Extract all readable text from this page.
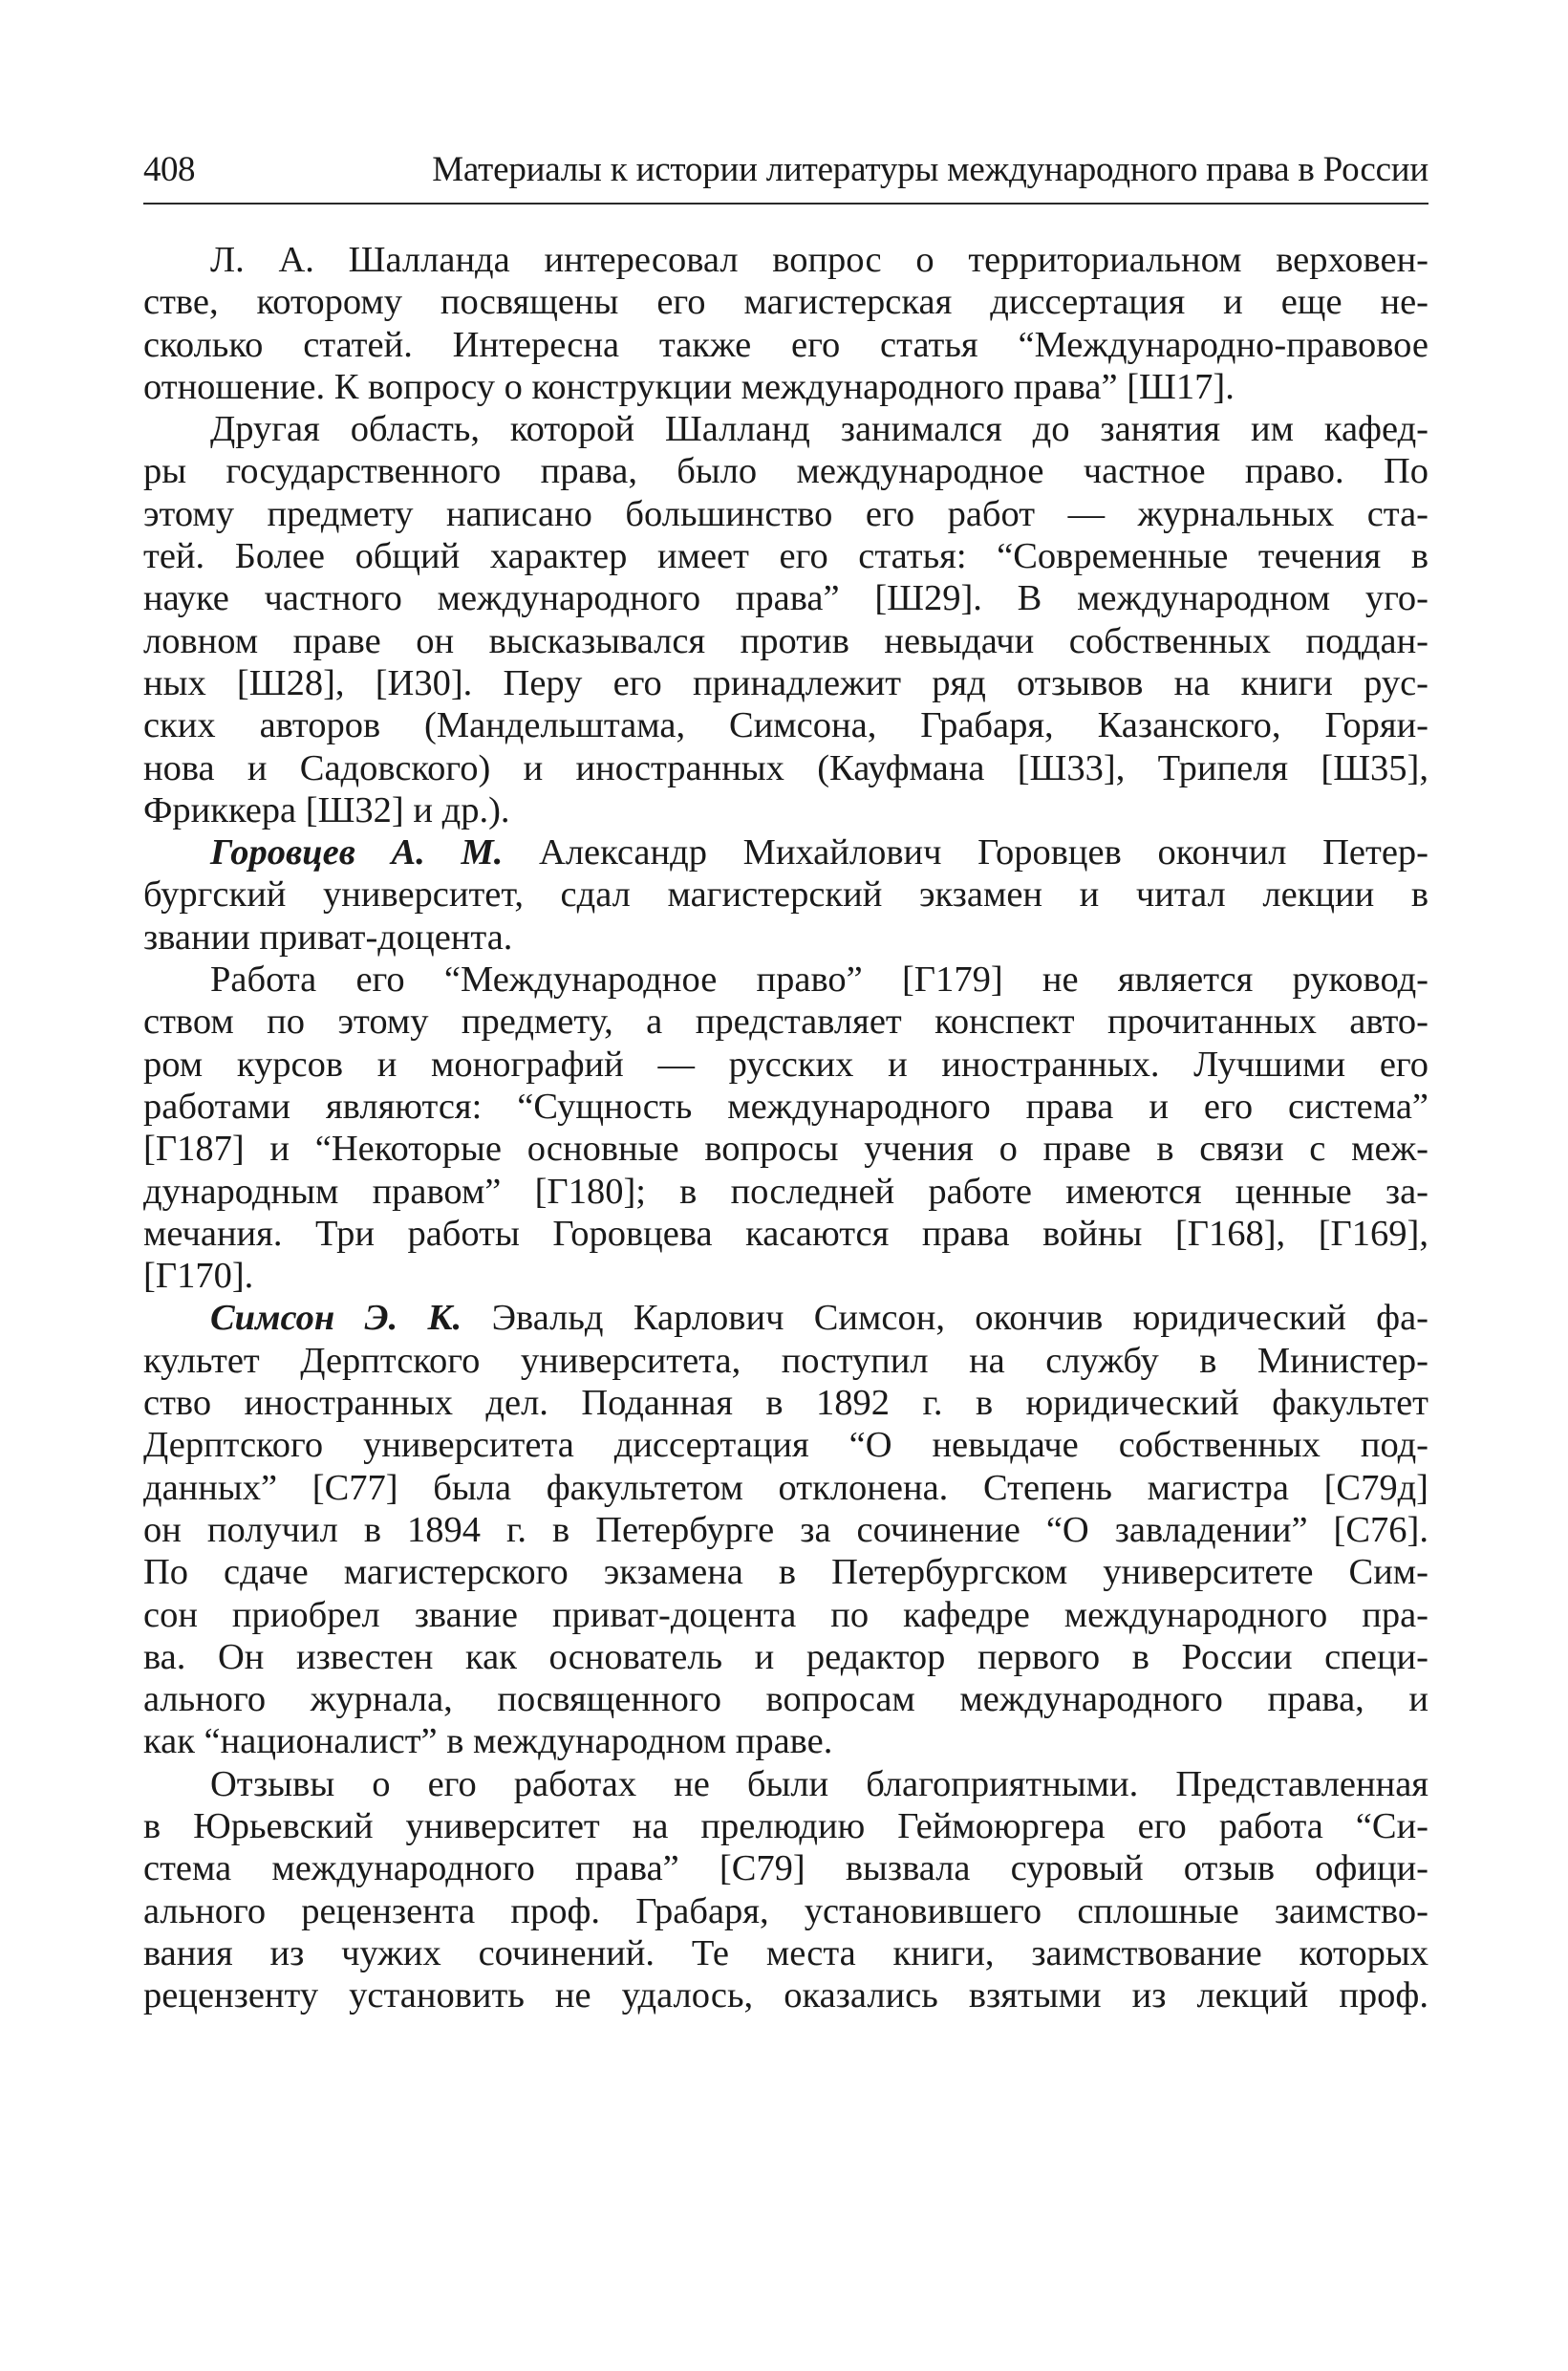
408	Материалы к истории литературы международного права в России
Л. А. Шалланда интересовал вопрос о территориальном верховен-
стве, которому посвящены его магистерская диссертация и еще не-
сколько статей. Интересна также его статья “Международно-правовое
отношение. К вопросу о конструкции международного права” [Ш17].
Другая область, которой Шалланд занимался до занятия им кафед-
ры государственного права, было международное частное право. По
этому предмету написано большинство его работ — журнальных ста-
тей. Более общий характер имеет его статья: “Современные течения в
науке частного международного права” [Ш29]. В международном уго-
ловном праве он высказывался против невыдачи собственных поддан-
ных [Ш28], [И30]. Перу его принадлежит ряд отзывов на книги рус-
ских авторов (Мандельштама, Симсона, Грабаря, Казанского, Горяи-
нова и Садовского) и иностранных (Кауфмана [Ш33], Трипеля [Ш35],
Фриккера [Ш32] и др.).
Горовцев А. М. Александр Михайлович Горовцев окончил Петер-
бургский университет, сдал магистерский экзамен и читал лекции в
звании приват-доцента.
Работа его “Международное право” [Г179] не является руковод-
ством по этому предмету, а представляет конспект прочитанных авто-
ром курсов и монографий — русских и иностранных. Лучшими его
работами являются: “Сущность международного права и его система”
[Г187] и “Некоторые основные вопросы учения о праве в связи с меж-
дународным правом” [Г180]; в последней работе имеются ценные за-
мечания. Три работы Горовцева касаются права войны [Г168], [Г169],
[Г170].
Симсон Э. К. Эвальд Карлович Симсон, окончив юридический фа-
культет Дерптского университета, поступил на службу в Министер-
ство иностранных дел. Поданная в 1892 г. в юридический факультет
Дерптского университета диссертация “О невыдаче собственных под-
данных” [С77] была факультетом отклонена. Степень магистра [С79д]
он получил в 1894 г. в Петербурге за сочинение “О завладении” [С76].
По сдаче магистерского экзамена в Петербургском университете Сим-
сон приобрел звание приват-доцента по кафедре международного пра-
ва. Он известен как основатель и редактор первого в России специ-
ального журнала, посвященного вопросам международного права, и
как “националист” в международном праве.
Отзывы о его работах не были благоприятными. Представленная
в Юрьевский университет на прелюдию Геймоюргера его работа “Си-
стема международного права” [С79] вызвала суровый отзыв офици-
ального рецензента проф. Грабаря, установившего сплошные заимство-
вания из чужих сочинений. Те места книги, заимствование которых
рецензенту установить не удалось, оказались взятыми из лекций проф.
